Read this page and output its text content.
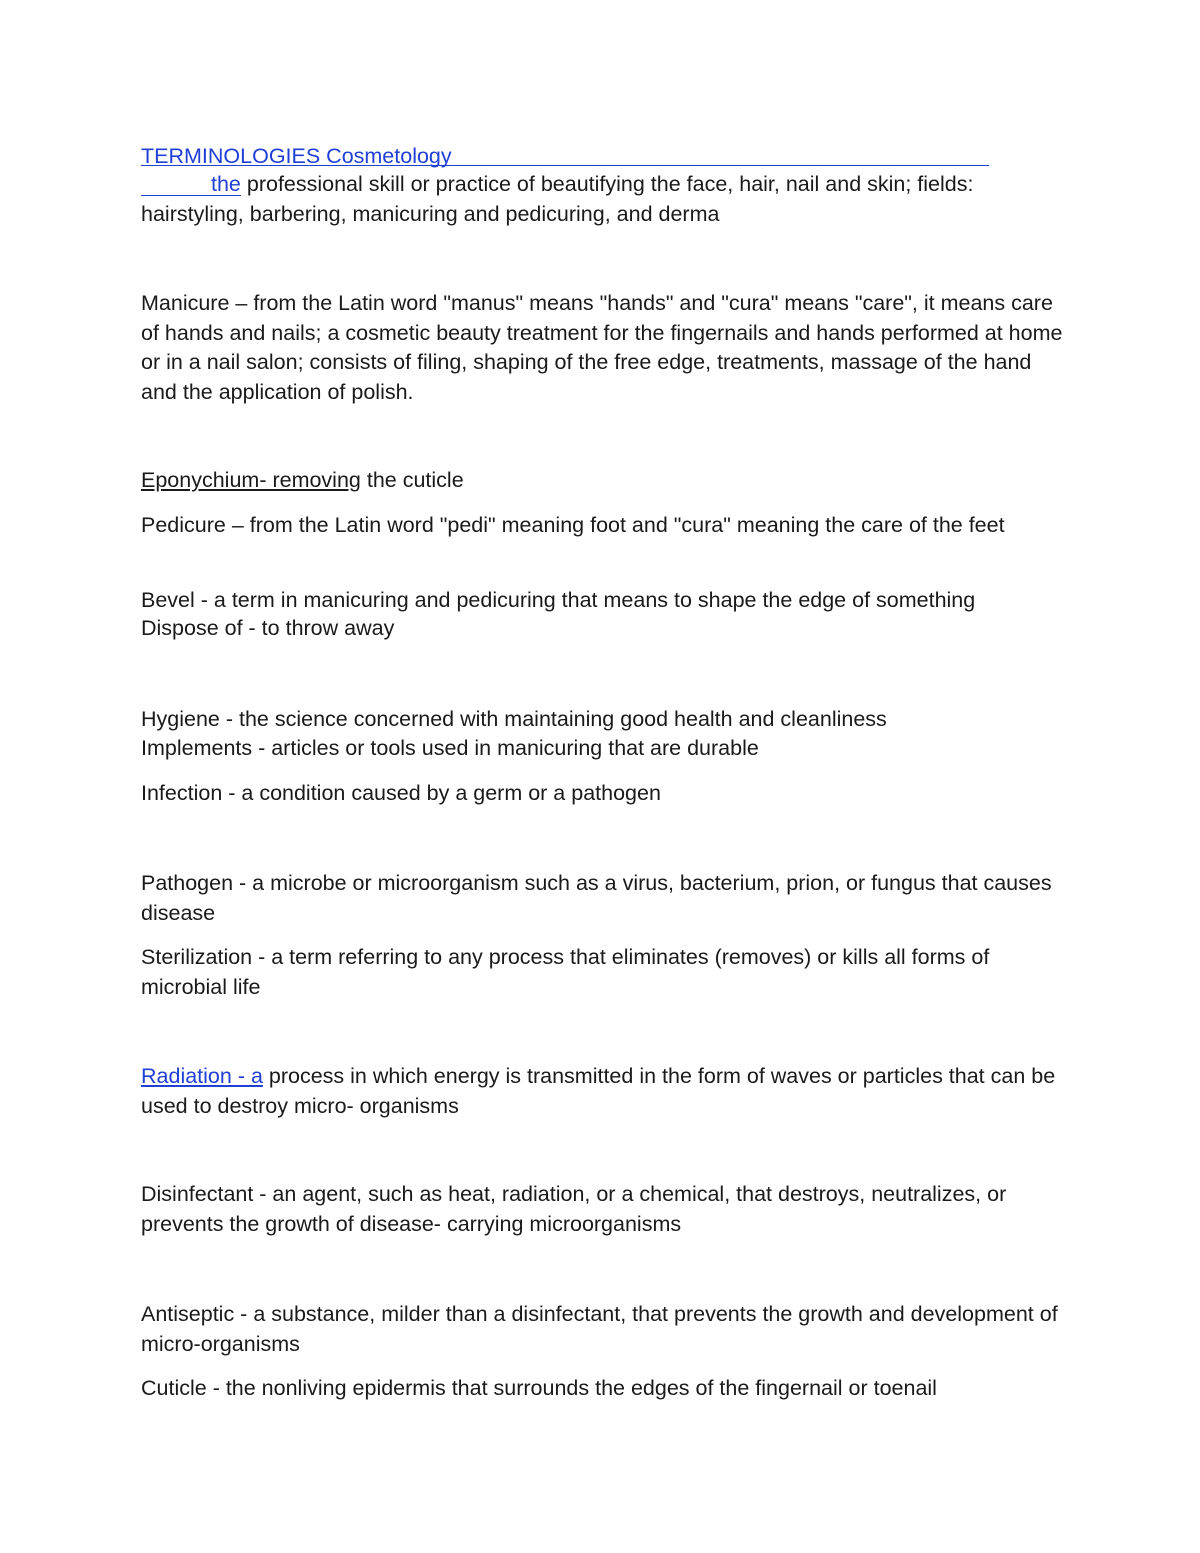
TERMINOLOGIES Cosmetology

the professional skill or practice of beautifying the face, hair, nail and skin; fields: hairstyling, barbering, manicuring and pedicuring, and derma

Manicure – from the Latin word "manus" means "hands" and "cura" means "care", it means care of hands and nails; a cosmetic beauty treatment for the fingernails and hands performed at home or in a nail salon; consists of filing, shaping of the free edge, treatments, massage of the hand and the application of polish.

Eponychium- removing the cuticle

Pedicure – from the Latin word "pedi" meaning foot and "cura" meaning the care of the feet

Bevel - a term in manicuring and pedicuring that means to shape the edge of something

Dispose of - to throw away

Hygiene - the science concerned with maintaining good health and cleanliness

Implements - articles or tools used in manicuring that are durable

Infection - a condition caused by a germ or a pathogen

Pathogen - a microbe or microorganism such as a virus, bacterium, prion, or fungus that causes disease

Sterilization - a term referring to any process that eliminates (removes) or kills all forms of microbial life

Radiation - a process in which energy is transmitted in the form of waves or particles that can be used to destroy micro- organisms

Disinfectant - an agent, such as heat, radiation, or a chemical, that destroys, neutralizes, or prevents the growth of disease- carrying microorganisms

Antiseptic - a substance, milder than a disinfectant, that prevents the growth and development of micro-organisms

Cuticle - the nonliving epidermis that surrounds the edges of the fingernail or toenail
